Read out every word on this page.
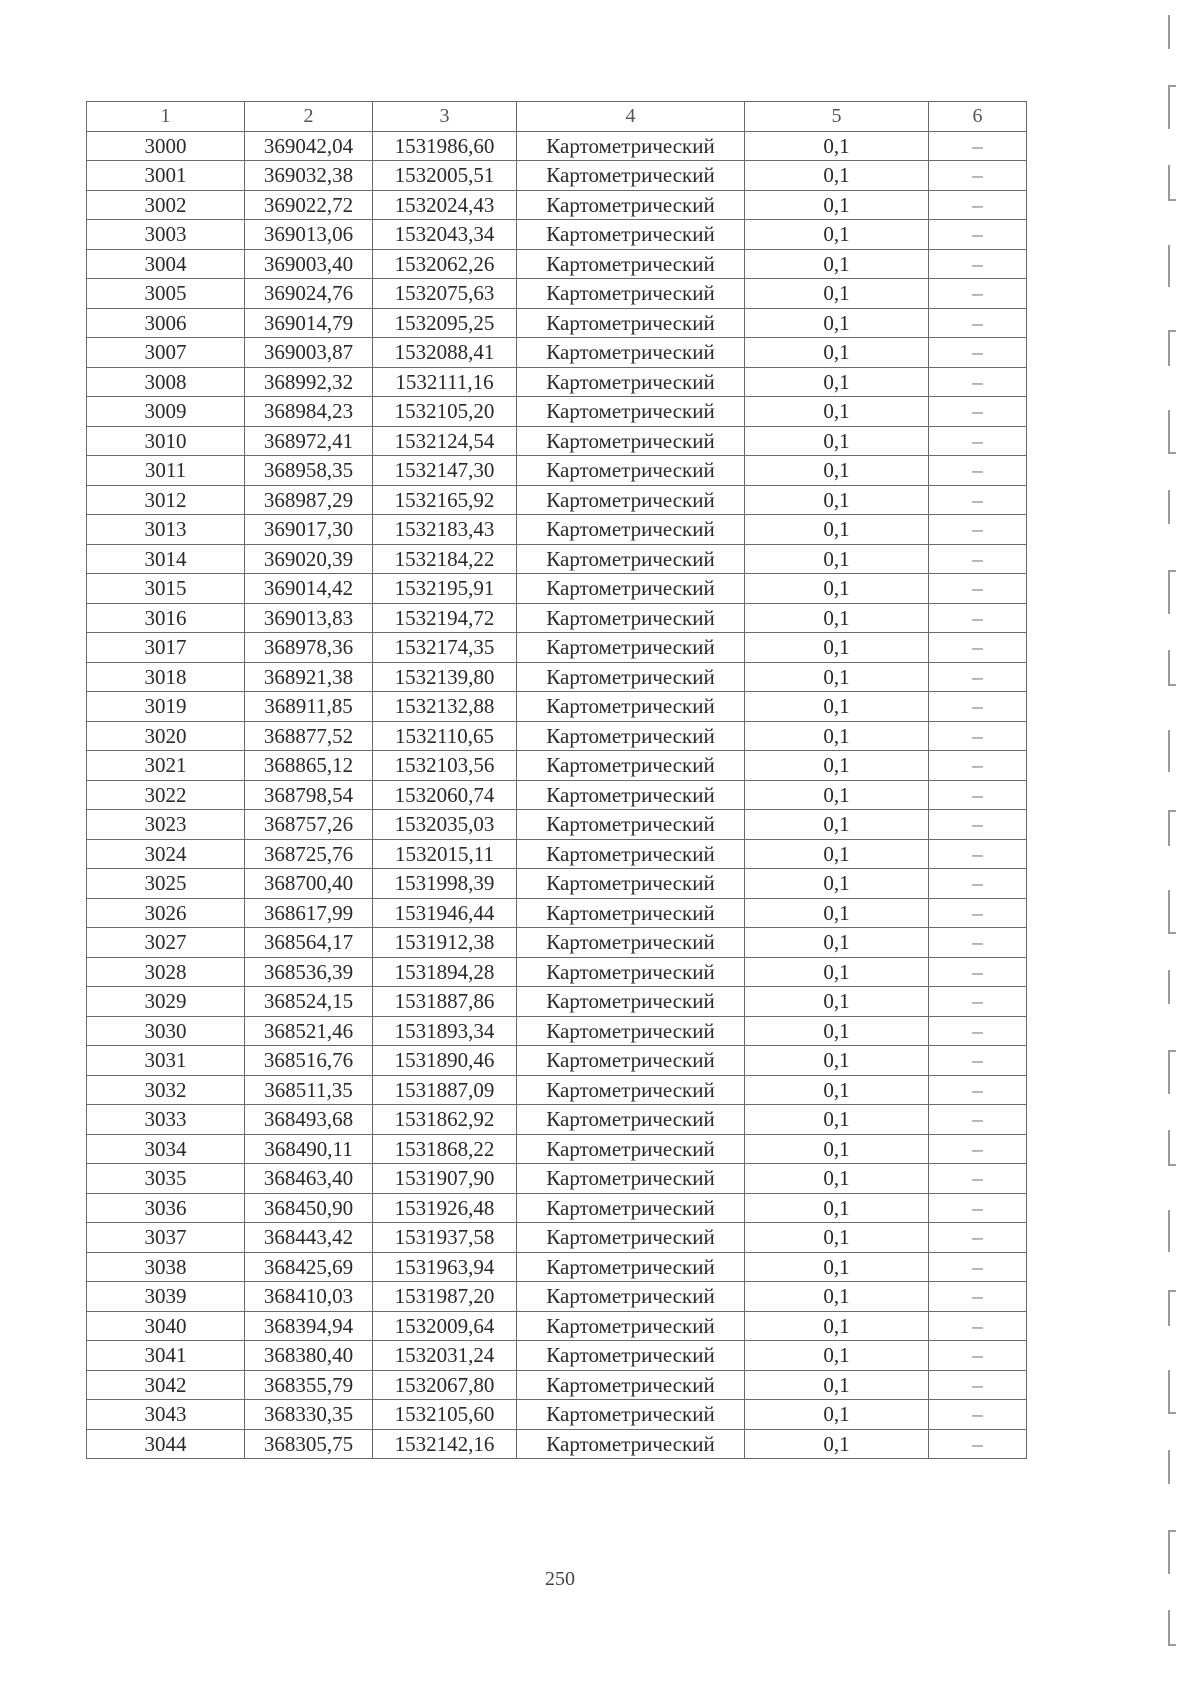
1	2	3	4	5	6
3000	369042,04	1531986,60	Картометрический	0,1	–
3001	369032,38	1532005,51	Картометрический	0,1	–
3002	369022,72	1532024,43	Картометрический	0,1	–
3003	369013,06	1532043,34	Картометрический	0,1	–
3004	369003,40	1532062,26	Картометрический	0,1	–
3005	369024,76	1532075,63	Картометрический	0,1	–
3006	369014,79	1532095,25	Картометрический	0,1	–
3007	369003,87	1532088,41	Картометрический	0,1	–
3008	368992,32	1532111,16	Картометрический	0,1	–
3009	368984,23	1532105,20	Картометрический	0,1	–
3010	368972,41	1532124,54	Картометрический	0,1	–
3011	368958,35	1532147,30	Картометрический	0,1	–
3012	368987,29	1532165,92	Картометрический	0,1	–
3013	369017,30	1532183,43	Картометрический	0,1	–
3014	369020,39	1532184,22	Картометрический	0,1	–
3015	369014,42	1532195,91	Картометрический	0,1	–
3016	369013,83	1532194,72	Картометрический	0,1	–
3017	368978,36	1532174,35	Картометрический	0,1	–
3018	368921,38	1532139,80	Картометрический	0,1	–
3019	368911,85	1532132,88	Картометрический	0,1	–
3020	368877,52	1532110,65	Картометрический	0,1	–
3021	368865,12	1532103,56	Картометрический	0,1	–
3022	368798,54	1532060,74	Картометрический	0,1	–
3023	368757,26	1532035,03	Картометрический	0,1	–
3024	368725,76	1532015,11	Картометрический	0,1	–
3025	368700,40	1531998,39	Картометрический	0,1	–
3026	368617,99	1531946,44	Картометрический	0,1	–
3027	368564,17	1531912,38	Картометрический	0,1	–
3028	368536,39	1531894,28	Картометрический	0,1	–
3029	368524,15	1531887,86	Картометрический	0,1	–
3030	368521,46	1531893,34	Картометрический	0,1	–
3031	368516,76	1531890,46	Картометрический	0,1	–
3032	368511,35	1531887,09	Картометрический	0,1	–
3033	368493,68	1531862,92	Картометрический	0,1	–
3034	368490,11	1531868,22	Картометрический	0,1	–
3035	368463,40	1531907,90	Картометрический	0,1	–
3036	368450,90	1531926,48	Картометрический	0,1	–
3037	368443,42	1531937,58	Картометрический	0,1	–
3038	368425,69	1531963,94	Картометрический	0,1	–
3039	368410,03	1531987,20	Картометрический	0,1	–
3040	368394,94	1532009,64	Картометрический	0,1	–
3041	368380,40	1532031,24	Картометрический	0,1	–
3042	368355,79	1532067,80	Картометрический	0,1	–
3043	368330,35	1532105,60	Картометрический	0,1	–
3044	368305,75	1532142,16	Картометрический	0,1	–
250
